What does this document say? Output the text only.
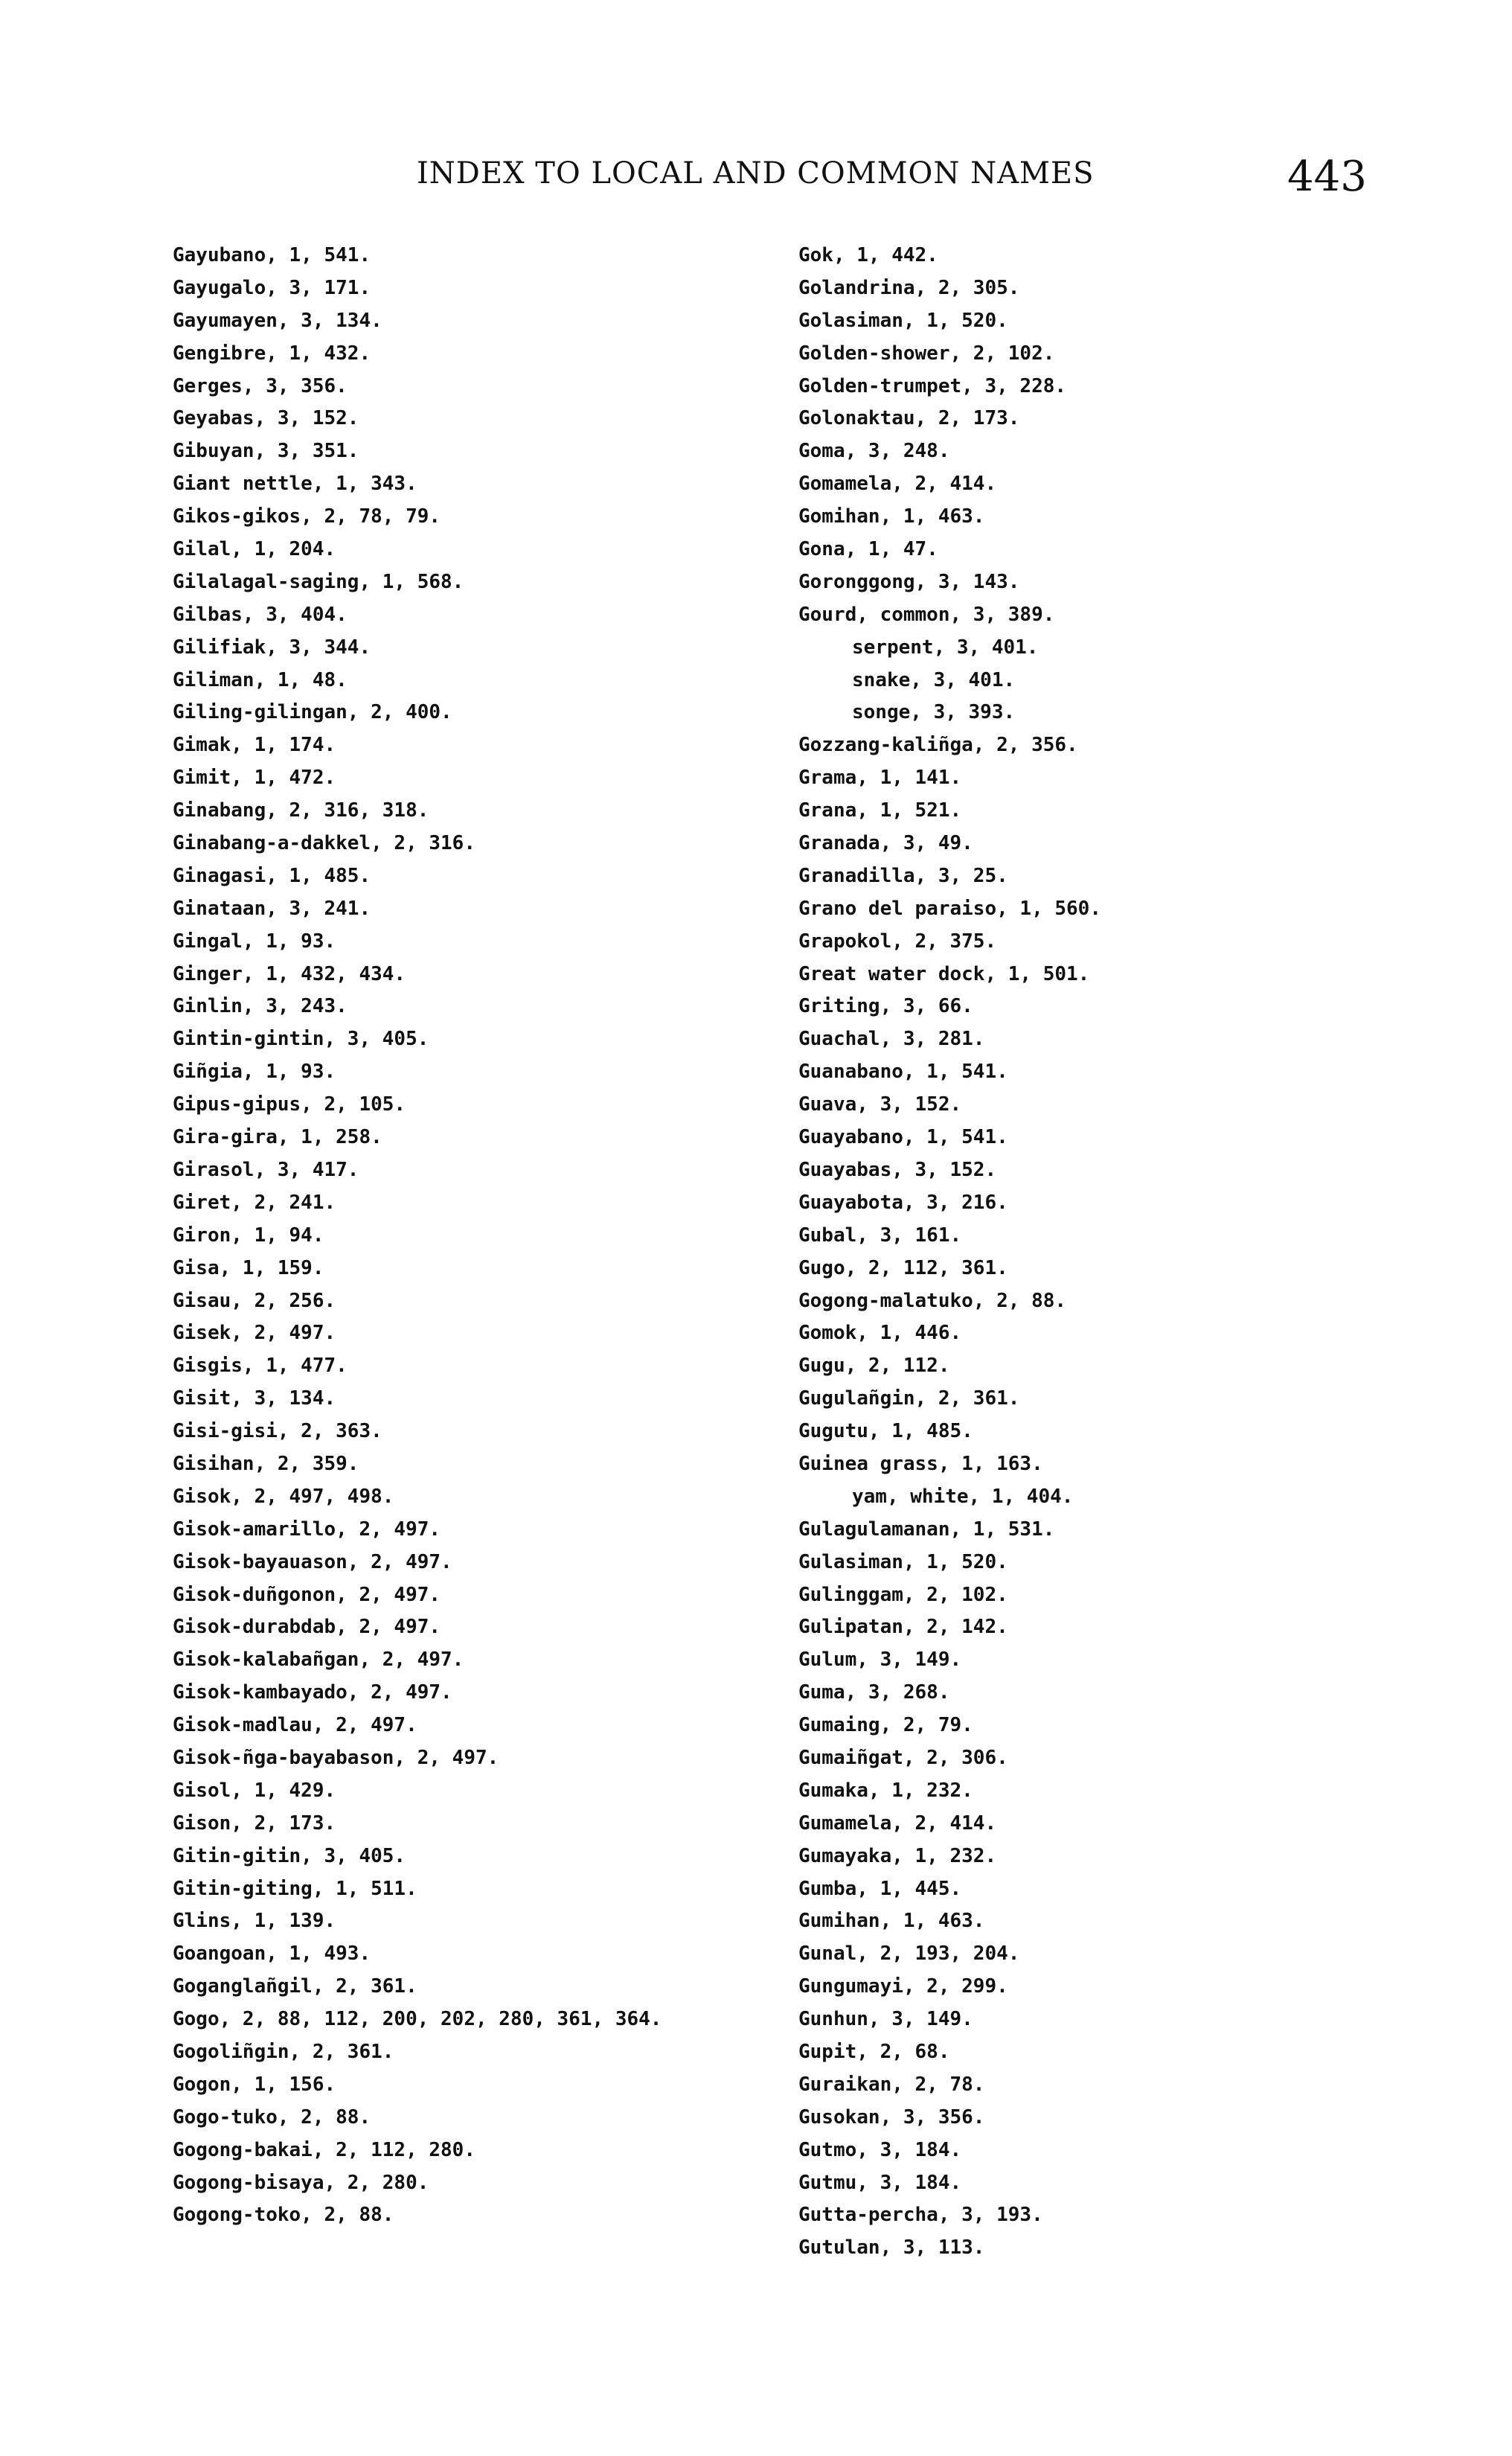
INDEX TO LOCAL AND COMMON NAMES	443
Gayubano, 1, 541.
Gayugalo, 3, 171.
Gayumayen, 3, 134.
Gengibre, 1, 432.
Gerges, 3, 356.
Geyabas, 3, 152.
Gibuyan, 3, 351.
Giant nettle, 1, 343.
Gikos-gikos, 2, 78, 79.
Gilal, 1, 204.
Gilalagal-saging, 1, 568.
Gilbas, 3, 404.
Gilifiak, 3, 344.
Giliman, 1, 48.
Giling-gilingan, 2, 400.
Gimak, 1, 174.
Gimit, 1, 472.
Ginabang, 2, 316, 318.
Ginabang-a-dakkel, 2, 316.
Ginagasi, 1, 485.
Ginataan, 3, 241.
Gingal, 1, 93.
Ginger, 1, 432, 434.
Ginlin, 3, 243.
Gintin-gintin, 3, 405.
Giñgia, 1, 93.
Gipus-gipus, 2, 105.
Gira-gira, 1, 258.
Girasol, 3, 417.
Giret, 2, 241.
Giron, 1, 94.
Gisa, 1, 159.
Gisau, 2, 256.
Gisek, 2, 497.
Gisgis, 1, 477.
Gisit, 3, 134.
Gisi-gisi, 2, 363.
Gisihan, 2, 359.
Gisok, 2, 497, 498.
Gisok-amarillo, 2, 497.
Gisok-bayauason, 2, 497.
Gisok-duñgonon, 2, 497.
Gisok-durabdab, 2, 497.
Gisok-kalabañgan, 2, 497.
Gisok-kambayado, 2, 497.
Gisok-madlau, 2, 497.
Gisok-ñga-bayabason, 2, 497.
Gisol, 1, 429.
Gison, 2, 173.
Gitin-gitin, 3, 405.
Gitin-giting, 1, 511.
Glins, 1, 139.
Goangoan, 1, 493.
Goganglañgil, 2, 361.
Gogo, 2, 88, 112, 200, 202, 280, 361, 364.
Gogoliñgin, 2, 361.
Gogon, 1, 156.
Gogo-tuko, 2, 88.
Gogong-bakai, 2, 112, 280.
Gogong-bisaya, 2, 280.
Gogong-toko, 2, 88.
Gok, 1, 442.
Golandrina, 2, 305.
Golasiman, 1, 520.
Golden-shower, 2, 102.
Golden-trumpet, 3, 228.
Golonaktau, 2, 173.
Goma, 3, 248.
Gomamela, 2, 414.
Gomihan, 1, 463.
Gona, 1, 47.
Goronggong, 3, 143.
Gourd, common, 3, 389.
serpent, 3, 401.
snake, 3, 401.
songe, 3, 393.
Gozzang-kaliñga, 2, 356.
Grama, 1, 141.
Grana, 1, 521.
Granada, 3, 49.
Granadilla, 3, 25.
Grano del paraiso, 1, 560.
Grapokol, 2, 375.
Great water dock, 1, 501.
Griting, 3, 66.
Guachal, 3, 281.
Guanabano, 1, 541.
Guava, 3, 152.
Guayabano, 1, 541.
Guayabas, 3, 152.
Guayabota, 3, 216.
Gubal, 3, 161.
Gugo, 2, 112, 361.
Gogong-malatuko, 2, 88.
Gomok, 1, 446.
Gugu, 2, 112.
Gugulañgin, 2, 361.
Gugutu, 1, 485.
Guinea grass, 1, 163.
yam, white, 1, 404.
Gulagulamanan, 1, 531.
Gulasiman, 1, 520.
Gulinggam, 2, 102.
Gulipatan, 2, 142.
Gulum, 3, 149.
Guma, 3, 268.
Gumaing, 2, 79.
Gumaiñgat, 2, 306.
Gumaka, 1, 232.
Gumamela, 2, 414.
Gumayaka, 1, 232.
Gumba, 1, 445.
Gumihan, 1, 463.
Gunal, 2, 193, 204.
Gungumayi, 2, 299.
Gunhun, 3, 149.
Gupit, 2, 68.
Guraikan, 2, 78.
Gusokan, 3, 356.
Gutmo, 3, 184.
Gutmu, 3, 184.
Gutta-percha, 3, 193.
Gutulan, 3, 113.
